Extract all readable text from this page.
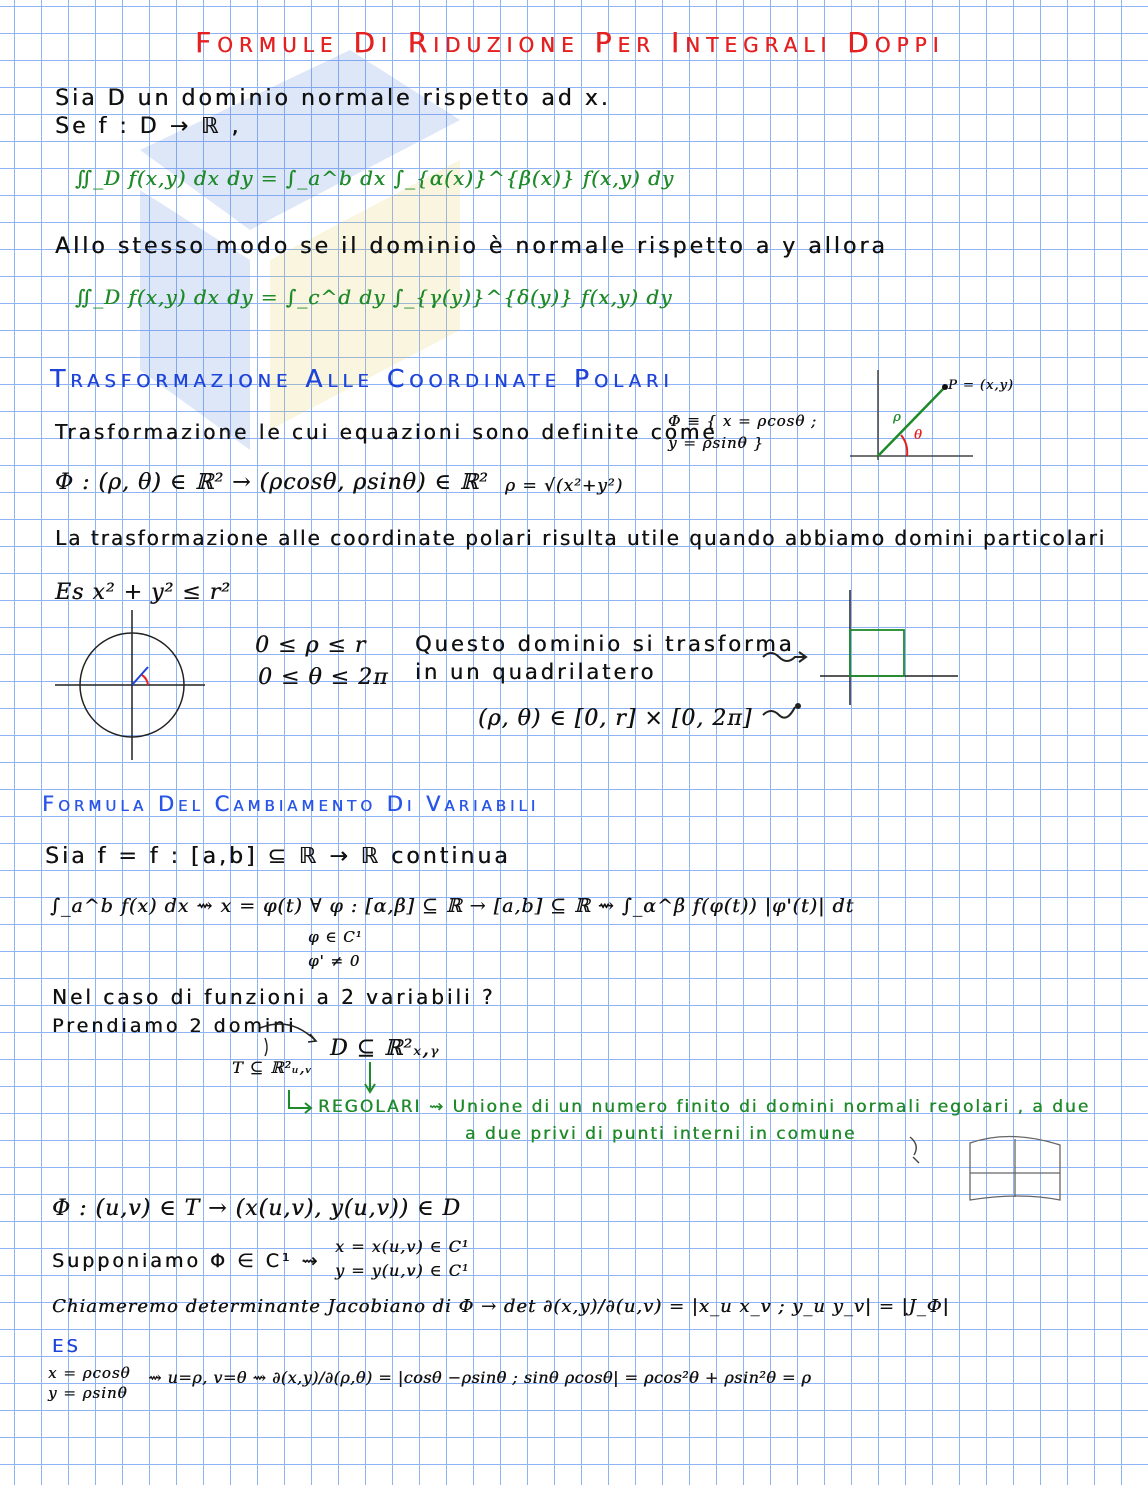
Formule Di Riduzione Per Integrali Doppi
Sia D un dominio normale rispetto ad x.
Se f : D → ℝ ,
∬_D f(x,y) dx dy = ∫_a^b dx ∫_{α(x)}^{β(x)} f(x,y) dy
Allo stesso modo se il dominio è normale rispetto a y allora
∬_D f(x,y) dx dy = ∫_c^d dy ∫_{γ(y)}^{δ(y)} f(x,y) dy
Trasformazione Alle Coordinate Polari
Trasformazione le cui equazioni sono definite come
Φ ≡ { x = ρcosθ ; y = ρsinθ }
Φ : (ρ, θ) ∈ ℝ² → (ρcosθ, ρsinθ) ∈ ℝ² ρ = √(x²+y²)
P = (x,y)
ρ
θ
La trasformazione alle coordinate polari risulta utile quando abbiamo domini particolari
Es x² + y² ≤ r²
0 ≤ ρ ≤ r
0 ≤ θ ≤ 2π
Questo dominio si trasforma
in un quadrilatero
(ρ, θ) ∈ [0, r] × [0, 2π]
Formula Del Cambiamento Di Variabili
Sia f = f : [a,b] ⊆ ℝ → ℝ continua
∫_a^b f(x) dx ⇝ x = φ(t) ∀ φ : [α,β] ⊆ ℝ → [a,b] ⊆ ℝ ⇝ ∫_α^β f(φ(t)) |φ'(t)| dt
φ ∈ C¹
φ' ≠ 0
Nel caso di funzioni a 2 variabili ?
Prendiamo 2 domini
D ⊆ ℝ²ₓ,ᵧ
T ⊆ ℝ²ᵤ,ᵥ
REGOLARI ⇝ Unione di un numero finito di domini normali regolari , a due
a due privi di punti interni in comune
Φ : (u,v) ∈ T → (x(u,v), y(u,v)) ∈ D
Supponiamo Φ ∈ C¹ ⇝
x = x(u,v) ∈ C¹
y = y(u,v) ∈ C¹
Chiameremo determinante Jacobiano di Φ → det ∂(x,y)/∂(u,v) = |x_u x_v ; y_u y_v| = |J_Φ|
ES
x = ρcosθ
y = ρsinθ
⇝ u=ρ, v=θ ⇝ ∂(x,y)/∂(ρ,θ) = |cosθ −ρsinθ ; sinθ ρcosθ| = ρcos²θ + ρsin²θ = ρ
